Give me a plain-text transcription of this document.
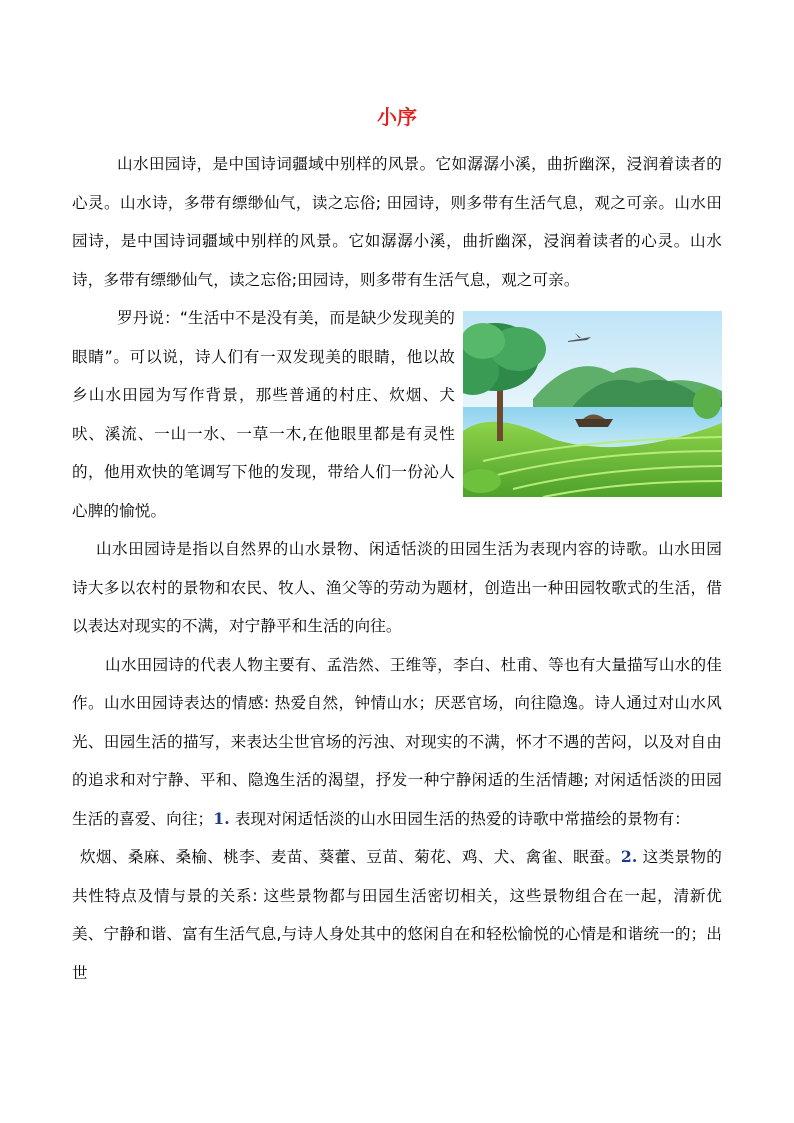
小序

山水田园诗，是中国诗词疆域中别样的风景。它如潺潺小溪，曲折幽深，浸润着读者的心灵。山水诗，多带有缥缈仙气，读之忘俗; 田园诗，则多带有生活气息，观之可亲。山水田园诗，是中国诗词疆域中别样的风景。它如潺潺小溪，曲折幽深，浸润着读者的心灵。山水诗，多带有缥缈仙气，读之忘俗;田园诗，则多带有生活气息，观之可亲。

罗丹说：“生活中不是没有美，而是缺少发现美的眼睛”。可以说，诗人们有一双发现美的眼睛，他以故乡山水田园为写作背景，那些普通的村庄、炊烟、犬吠、溪流、一山一水、一草一木,在他眼里都是有灵性的，他用欢快的笔调写下他的发现，带给人们一份沁人心脾的愉悦。

山水田园诗是指以自然界的山水景物、闲适恬淡的田园生活为表现内容的诗歌。山水田园诗大多以农村的景物和农民、牧人、渔父等的劳动为题材，创造出一种田园牧歌式的生活，借以表达对现实的不满，对宁静平和生活的向往。

山水田园诗的代表人物主要有、孟浩然、王维等，李白、杜甫、等也有大量描写山水的佳作。山水田园诗表达的情感: 热爱自然，钟情山水；厌恶官场，向往隐逸。诗人通过对山水风光、田园生活的描写，来表达尘世官场的污浊、对现实的不满，怀才不遇的苦闷，以及对自由的追求和对宁静、平和、隐逸生活的渴望，抒发一种宁静闲适的生活情趣; 对闲适恬淡的田园生活的喜爱、向往；1. 表现对闲适恬淡的山水田园生活的热爱的诗歌中常描绘的景物有：

炊烟、桑麻、桑榆、桃李、麦苗、葵藿、豆苗、菊花、鸡、犬、禽雀、眠蚕。2. 这类景物的共性特点及情与景的关系: 这些景物都与田园生活密切相关，这些景物组合在一起，清新优美、宁静和谐、富有生活气息,与诗人身处其中的悠闲自在和轻松愉悦的心情是和谐统一的；出世
